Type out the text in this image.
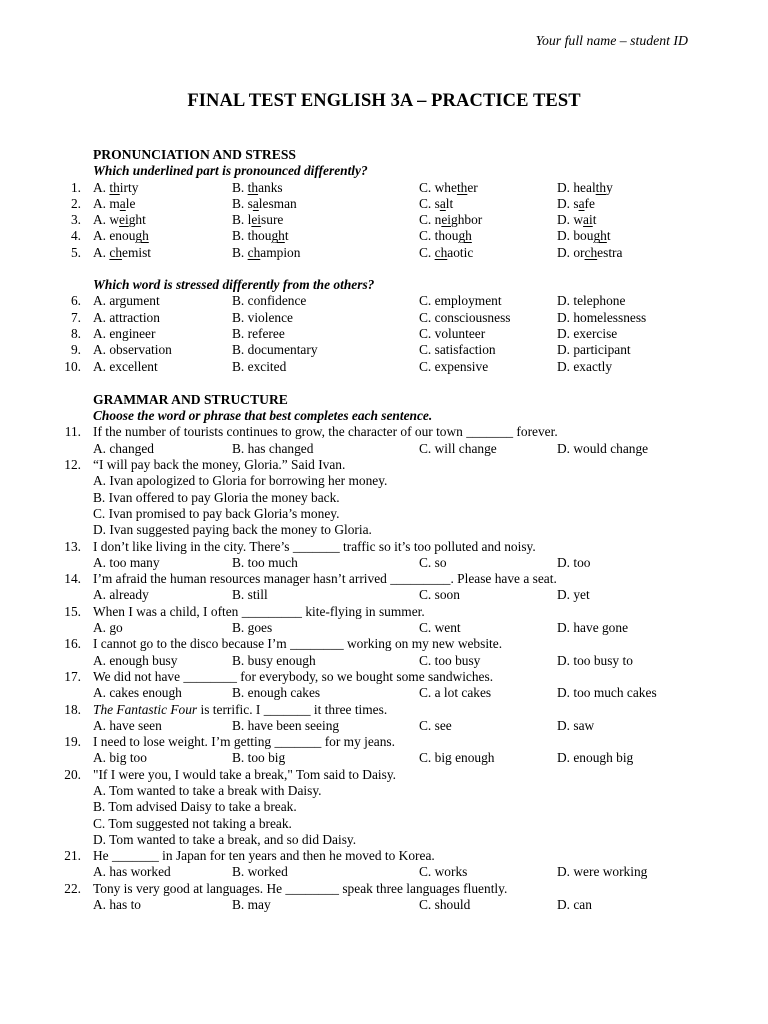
Your full name – student ID
FINAL TEST ENGLISH 3A – PRACTICE TEST
PRONUNCIATION AND STRESS
Which underlined part is pronounced differently?
1. A. thirty	B. thanks	C. whether	D. healthy
2. A. male	B. salesman	C. salt	D. safe
3. A. weight	B. leisure	C. neighbor	D. wait
4. A. enough	B. thought	C. though	D. bought
5. A. chemist	B. champion	C. chaotic	D. orchestra
Which word is stressed differently from the others?
6. A. argument	B. confidence	C. employment	D. telephone
7. A. attraction	B. violence	C. consciousness	D. homelessness
8. A. engineer	B. referee	C. volunteer	D. exercise
9. A. observation	B. documentary	C. satisfaction	D. participant
10. A. excellent	B. excited	C. expensive	D. exactly
GRAMMAR AND STRUCTURE
Choose the word or phrase that best completes each sentence.
11. If the number of tourists continues to grow, the character of our town _______ forever.
A. changed	B. has changed	C. will change	D. would change
12. “I will pay back the money, Gloria.” Said Ivan.
A. Ivan apologized to Gloria for borrowing her money.
B. Ivan offered to pay Gloria the money back.
C. Ivan promised to pay back Gloria’s money.
D. Ivan suggested paying back the money to Gloria.
13. I don’t like living in the city. There’s _______ traffic so it’s too polluted and noisy.
A. too many	B. too much	C. so	D. too
14. I’m afraid the human resources manager hasn’t arrived _________. Please have a seat.
A. already	B. still	C. soon	D. yet
15. When I was a child, I often _________ kite-flying in summer.
A. go	B. goes	C. went	D. have gone
16. I cannot go to the disco because I’m ________ working on my new website.
A. enough busy	B. busy enough	C. too busy	D. too busy to
17. We did not have ________ for everybody, so we bought some sandwiches.
A. cakes enough	B. enough cakes	C. a lot cakes	D. too much cakes
18. The Fantastic Four is terrific. I _______ it three times.
A. have seen	B. have been seeing	C. see	D. saw
19. I need to lose weight. I’m getting _______ for my jeans.
A. big too	B. too big	C. big enough	D. enough big
20. "If I were you, I would take a break," Tom said to Daisy.
A. Tom wanted to take a break with Daisy.
B. Tom advised Daisy to take a break.
C. Tom suggested not taking a break.
D. Tom wanted to take a break, and so did Daisy.
21. He _______ in Japan for ten years and then he moved to Korea.
A. has worked	B. worked	C. works	D. were working
22. Tony is very good at languages. He ________ speak three languages fluently.
A. has to	B. may	C. should	D. can
